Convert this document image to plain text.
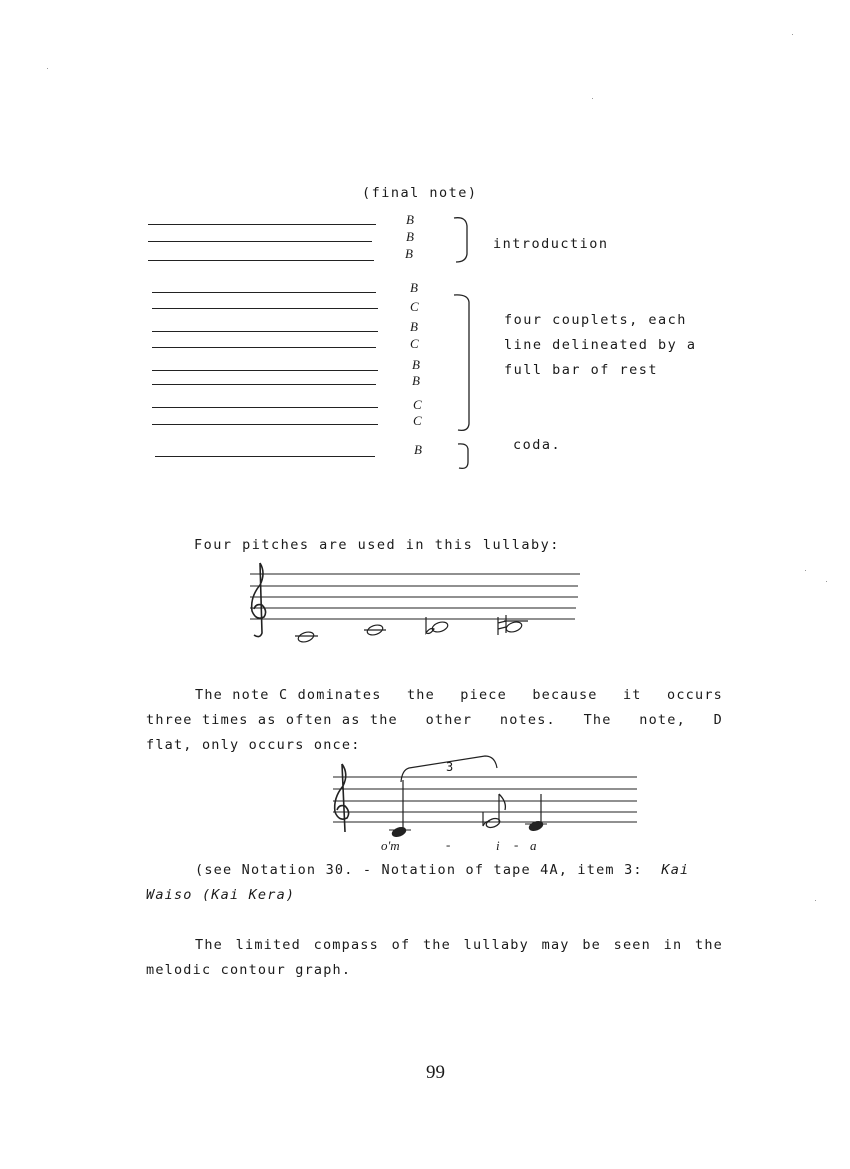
(final note)
B
B
B
B
C
B
C
B
B
C
C
B
introduction
four couplets, each
line delineated by a
full bar of rest
coda.
Four pitches are used in this lullaby:
The note C dominates the piece because it occurs
three times as often as the other notes. The note, D
flat, only occurs once:
3
o'm	-	i - a
(see Notation 30. - Notation of tape 4A, item 3: Kai
Waiso (Kai Kera)
The limited compass of the lullaby may be seen in the
melodic contour graph.
99
